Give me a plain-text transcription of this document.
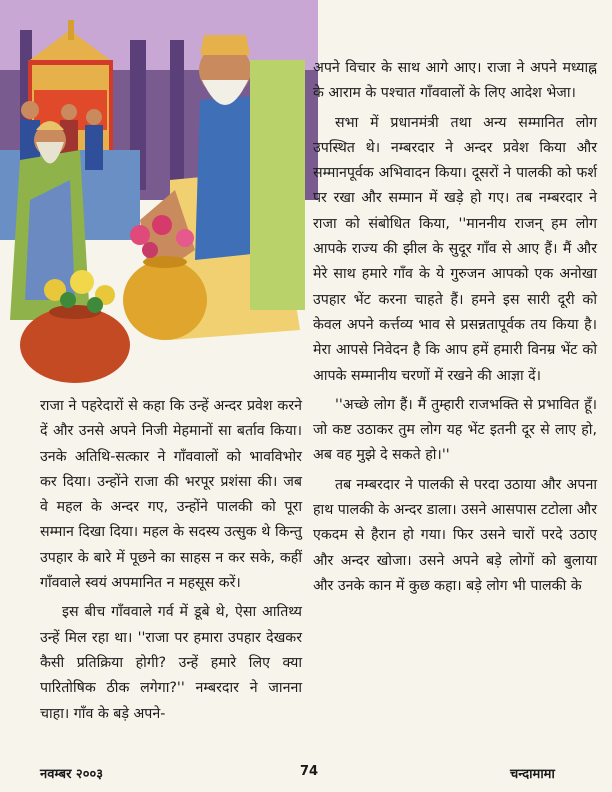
अपने विचार के साथ आगे आए। राजा ने अपने मध्याह्न के आराम के पश्चात गाँववालों के लिए आदेश भेजा।

सभा में प्रधानमंत्री तथा अन्य सम्मानित लोग उपस्थित थे। नम्बरदार ने अन्दर प्रवेश किया और सम्मानपूर्वक अभिवादन किया। दूसरों ने पालकी को फर्श पर रखा और सम्मान में खड़े हो गए। तब नम्बरदार ने राजा को संबोधित किया, ''माननीय राजन् हम लोग आपके राज्य की झील के सुदूर गाँव से आए हैं। मैं और मेरे साथ हमारे गाँव के ये गुरुजन आपको एक अनोखा उपहार भेंट करना चाहते हैं। हमने इस सारी दूरी को केवल अपने कर्त्तव्य भाव से प्रसन्नतापूर्वक तय किया है। मेरा आपसे निवेदन है कि आप हमें हमारी विनम्र भेंट को आपके सम्मानीय चरणों में रखने की आज्ञा दें।

''अच्छे लोग हैं। मैं तुम्हारी राजभक्ति से प्रभावित हूँ। जो कष्ट उठाकर तुम लोग यह भेंट इतनी दूर से लाए हो, अब वह मुझे दे सकते हो।''

तब नम्बरदार ने पालकी से परदा उठाया और अपना हाथ पालकी के अन्दर डाला। उसने आसपास टटोला और एकदम से हैरान हो गया। फिर उसने चारों परदे उठाए और अन्दर खोजा। उसने अपने बड़े लोगों को बुलाया और उनके कान में कुछ कहा। बड़े लोग भी पालकी के

राजा ने पहरेदारों से कहा कि उन्हें अन्दर प्रवेश करने दें और उनसे अपने निजी मेहमानों सा बर्ताव किया। उनके अतिथि-सत्कार ने गाँववालों को भावविभोर कर दिया। उन्होंने राजा की भरपूर प्रशंसा की। जब वे महल के अन्दर गए, उन्होंने पालकी को पूरा सम्मान दिखा दिया। महल के सदस्य उत्सुक थे किन्तु उपहार के बारे में पूछने का साहस न कर सके, कहीं गाँववाले स्वयं अपमानित न महसूस करें।

इस बीच गाँववाले गर्व में डूबे थे, ऐसा आतिथ्य उन्हें मिल रहा था। ''राजा पर हमारा उपहार देखकर कैसी प्रतिक्रिया होगी? उन्हें हमारे लिए क्या पारितोषिक ठीक लगेगा?'' नम्बरदार ने जानना चाहा। गाँव के बड़े अपने-

नवम्बर २००३	74	चन्दामामा
